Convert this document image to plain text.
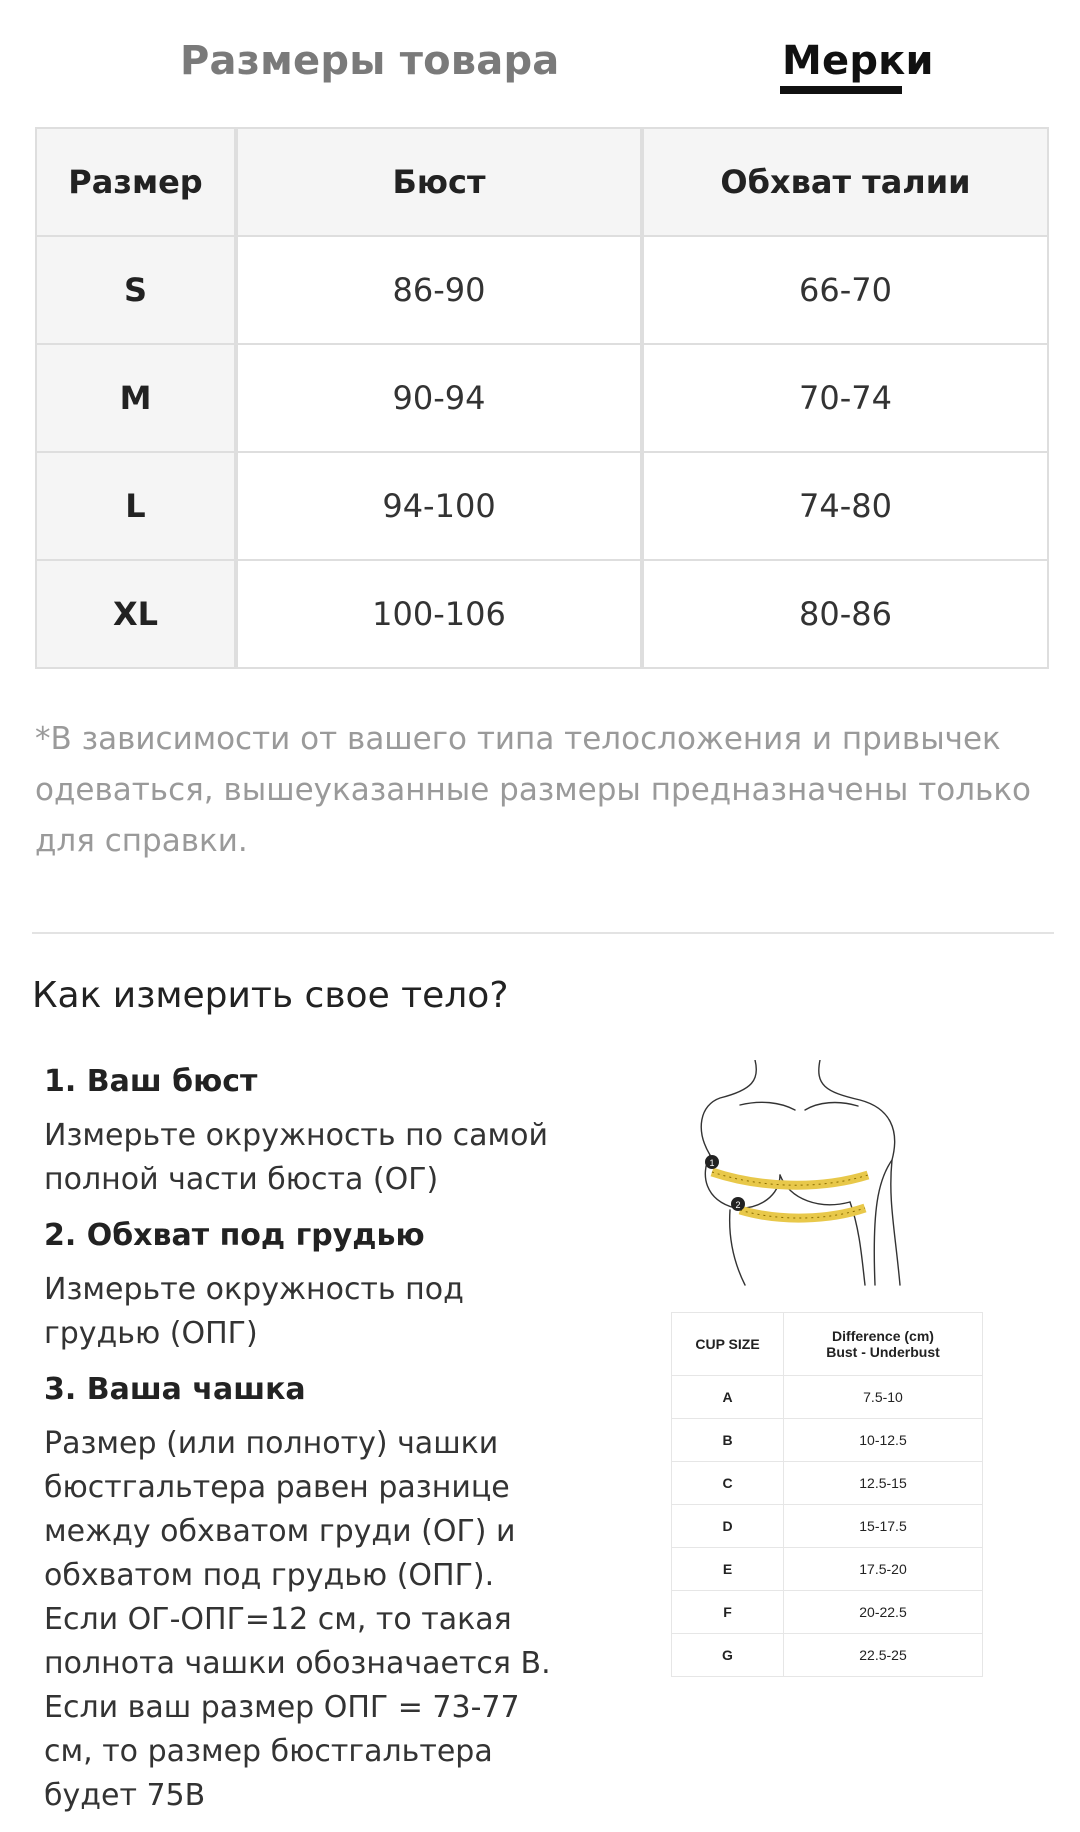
Размеры товара	Мерки
Размер	Бюст	Обхват талии
S	86-90	66-70
M	90-94	70-74
L	94-100	74-80
XL	100-106	80-86
*В зависимости от вашего типа телосложения и привычек одеваться, вышеуказанные размеры предназначены только для справки.
Как измерить свое тело?
1. Ваш бюст
Измерьте окружность по самой полной части бюста (ОГ)
2. Обхват под грудью
Измерьте окружность под грудью (ОПГ)
3. Ваша чашка
Размер (или полноту) чашки бюстгальтера равен разнице между обхватом груди (ОГ) и обхватом под грудью (ОПГ). Если ОГ-ОПГ=12 см, то такая полнота чашки обозначается B. Если ваш размер ОПГ = 73-77 см, то размер бюстгальтера будет 75B
1
2
CUP SIZE	Difference (cm)
Bust - Underbust

A	7.5-10
B	10-12.5
C	12.5-15
D	15-17.5
E	17.5-20
F	20-22.5
G	22.5-25
